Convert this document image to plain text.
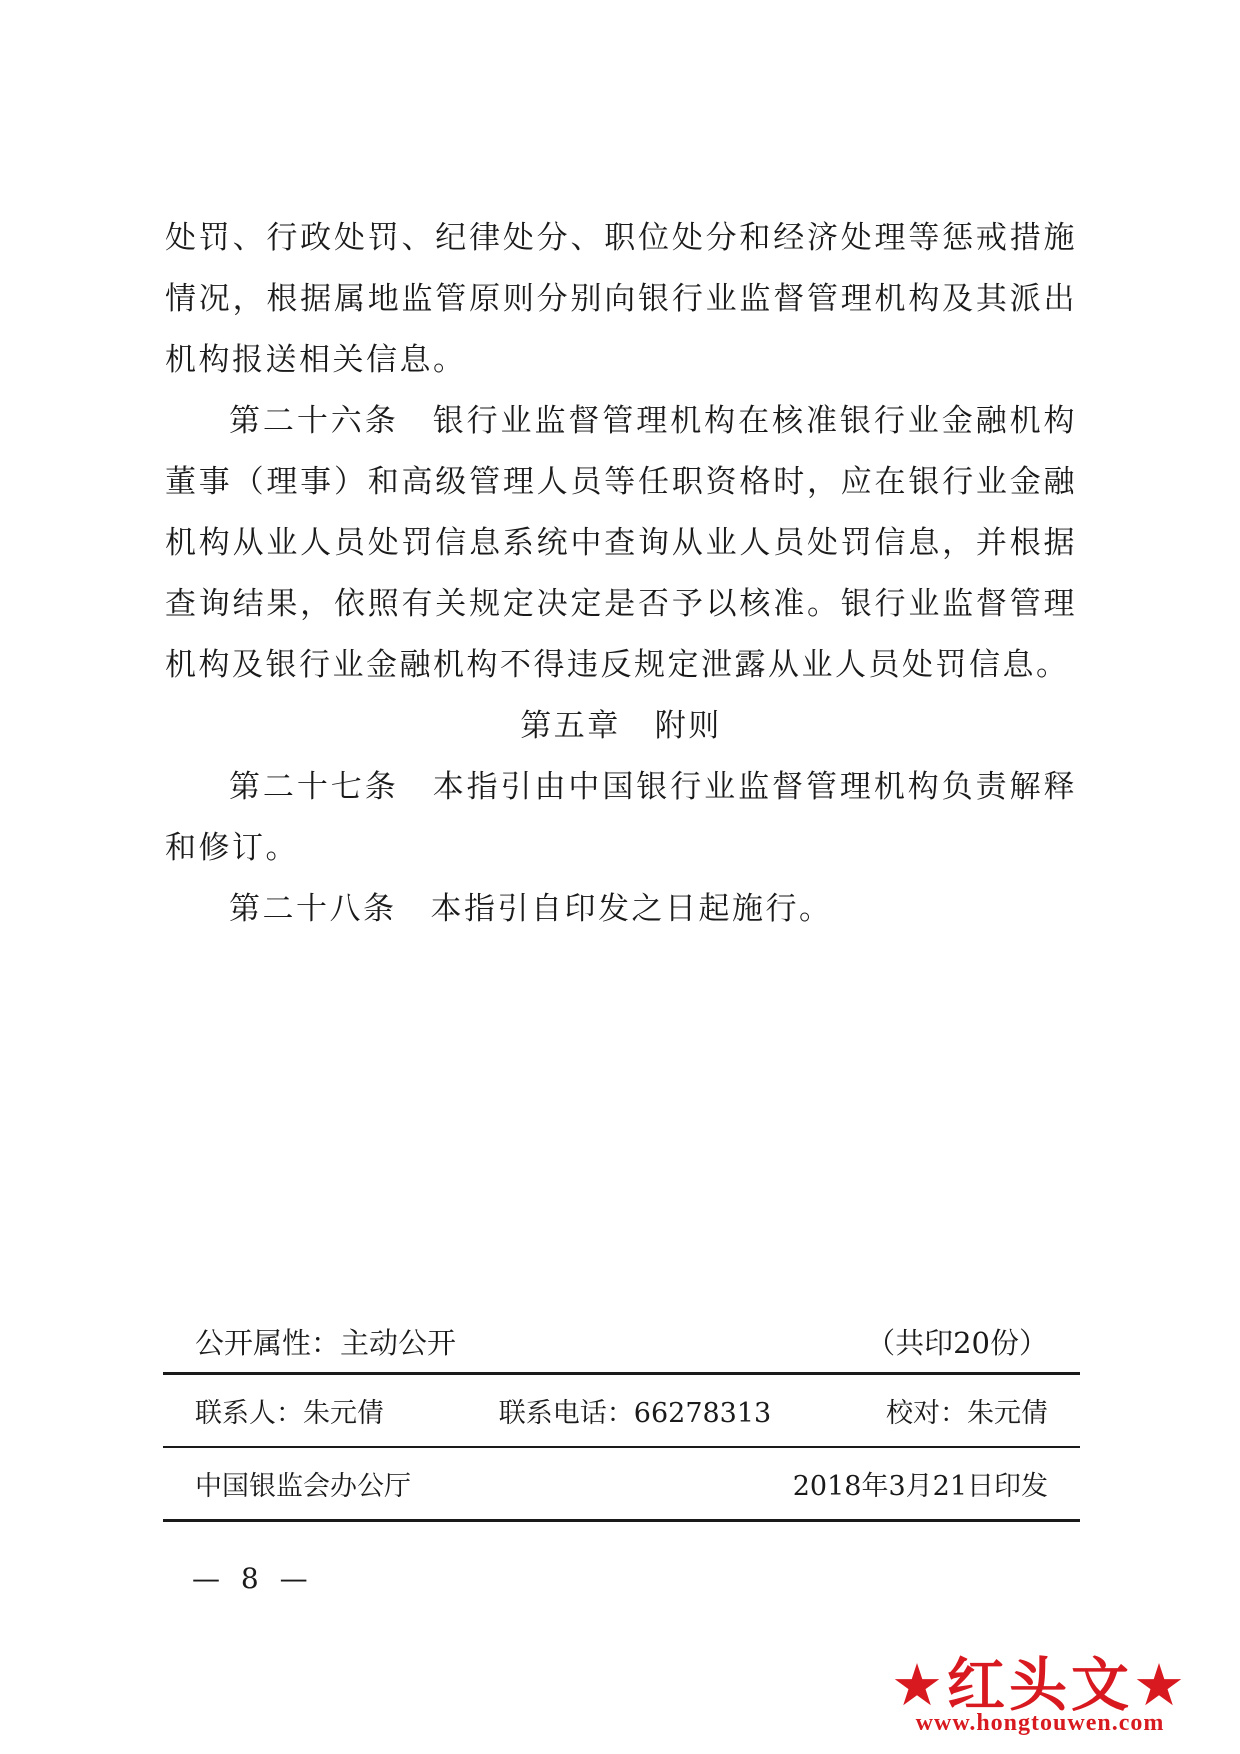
处罚、行政处罚、纪律处分、职位处分和经济处理等惩戒措施情况，根据属地监管原则分别向银行业监督管理机构及其派出机构报送相关信息。

第二十六条 银行业监督管理机构在核准银行业金融机构董事（理事）和高级管理人员等任职资格时，应在银行业金融机构从业人员处罚信息系统中查询从业人员处罚信息，并根据查询结果，依照有关规定决定是否予以核准。银行业监督管理机构及银行业金融机构不得违反规定泄露从业人员处罚信息。

第五章 附则

第二十七条 本指引由中国银行业监督管理机构负责解释和修订。

第二十八条 本指引自印发之日起施行。

公开属性：主动公开	（共印20份）
联系人：朱元倩	联系电话：66278313	校对：朱元倩
中国银监会办公厅	2018年3月21日印发
— 8 —
★红头文★
www.hongtouwen.com
